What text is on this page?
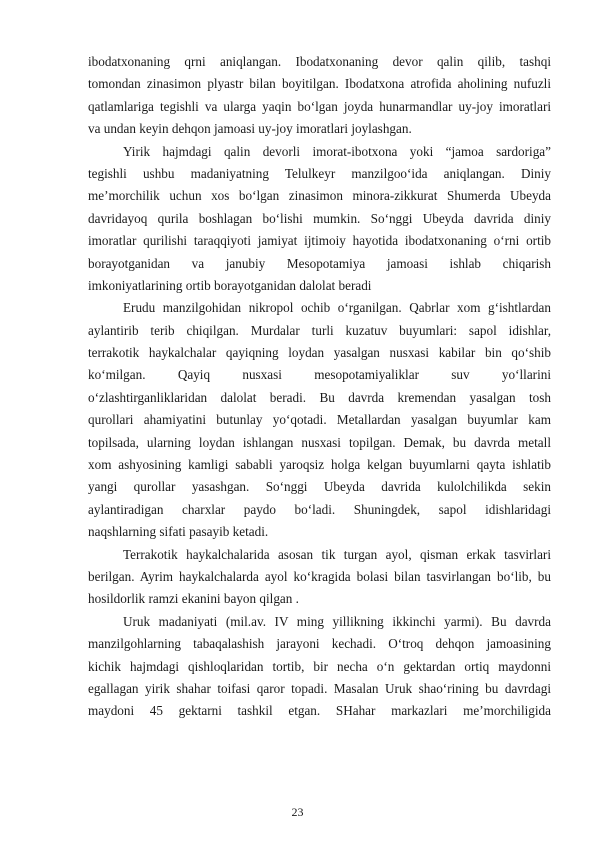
ibodatxonaning qrni aniqlangan. Ibodatxonaning devor qalin qilib, tashqi
tomondan zinasimon plyastr bilan boyitilgan. Ibodatxona atrofida aholining nufuzli
qatlamlariga tegishli va ularga yaqin bo‘lgan joyda hunarmandlar uy-joy imoratlari
va undan keyin dehqon jamoasi uy-joy imoratlari joylashgan.

Yirik hajmdagi qalin devorli imorat-ibotxona yoki “jamoa sardoriga”
tegishli ushbu madaniyatning Telulkeyr manzilgoo‘ida aniqlangan. Diniy
me’morchilik uchun xos bo‘lgan zinasimon minora-zikkurat Shumerda Ubeyda
davridayoq qurila boshlagan bo‘lishi mumkin. So‘nggi Ubeyda davrida diniy
imoratlar qurilishi taraqqiyoti jamiyat ijtimoiy hayotida ibodatxonaning o‘rni ortib
borayotganidan va janubiy Mesopotamiya jamoasi ishlab chiqarish
imkoniyatlarining ortib borayotganidan dalolat beradi

Erudu manzilgohidan nikropol ochib o‘rganilgan. Qabrlar xom g‘ishtlardan
aylantirib terib chiqilgan. Murdalar turli kuzatuv buyumlari: sapol idishlar,
terrakotik haykalchalar qayiqning loydan yasalgan nusxasi kabilar bin qo‘shib
ko‘milgan. Qayiq nusxasi mesopotamiyaliklar suv yo‘llarini
o‘zlashtirganliklaridan dalolat beradi. Bu davrda kremendan yasalgan tosh
qurollari ahamiyatini butunlay yo‘qotadi. Metallardan yasalgan buyumlar kam
topilsada, ularning loydan ishlangan nusxasi topilgan. Demak, bu davrda metall
xom ashyosining kamligi sababli yaroqsiz holga kelgan buyumlarni qayta ishlatib
yangi qurollar yasashgan. So‘nggi Ubeyda davrida kulolchilikda sekin
aylantiradigan charxlar paydo bo‘ladi. Shuningdek, sapol idishlaridagi
naqshlarning sifati pasayib ketadi.

Terrakotik haykalchalarida asosan tik turgan ayol, qisman erkak tasvirlari
berilgan. Ayrim haykalchalarda ayol ko‘kragida bolasi bilan tasvirlangan bo‘lib, bu
hosildorlik ramzi ekanini bayon qilgan .

Uruk madaniyati (mil.av. IV ming yillikning ikkinchi yarmi). Bu davrda
manzilgohlarning tabaqalashish jarayoni kechadi. O‘troq dehqon jamoasining
kichik hajmdagi qishloqlaridan tortib, bir necha o‘n gektardan ortiq maydonni
egallagan yirik shahar toifasi qaror topadi. Masalan Uruk shao‘rining bu davrdagi
maydoni 45 gektarni tashkil etgan. SHahar markazlari me’morchiligida

23
